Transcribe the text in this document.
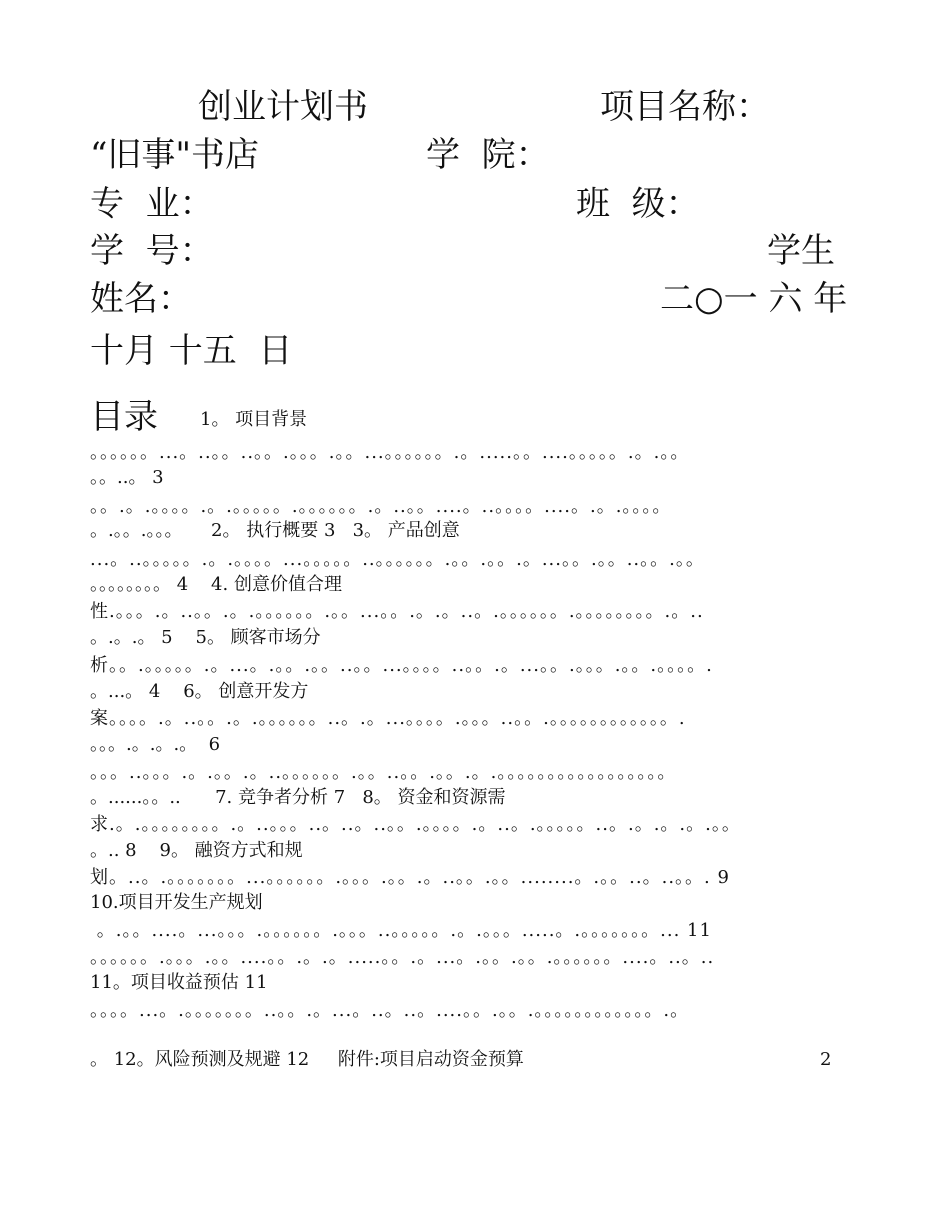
创业计划书	项目名称：
“旧事"书店	学  院：
专  业：	班  级：
学  号：	学生
姓名：	二○一 六 年
十月 十五  日
目录 1。 项目背景
。。。。。。...。..。。..。。.。。。.。。...。。。。。。.。.....。。....。。。。。.。.。。
。。..。 3
。。.。.。。。。.。.。。。。。.。。。。。。.。..。。....。..。。。。....。.。.。。。。
。.。。.。。。     2。 执行概要 3   3。 产品创意
...。..。。。。。.。.。。。。...。。。。。..。。。。。。.。。.。。.。...。。.。。..。。.。。
。。。。。。。。 4    4. 创意价值合理
性.。。。.。..。。.。.。。。。。。.。。...。。.。.。..。.。。。。。。.。。。。。。。。.。..
。.。.。 5    5。 顾客市场分
析。。.。。。。。.。...。.。。.。。..。。...。。。。..。。.。...。。.。。。.。。.。。。。.
。...。 4    6。 创意开发方
案。。。。.。..。。.。.。。。。。。..。.。...。。。。.。。。..。。.。。。。。。。。。。。。.
。。。.。.。.。  6
。。。..。。。.。.。。.。..。。。。。。.。。..。。.。。.。.。。。。。。。。。。。。。。。。。
。......。。..      7. 竞争者分析 7   8。 资金和资源需
求.。.。。。。。。。。.。..。。。..。..。..。。.。。。。.。..。.。。。。。..。.。.。.。.。。
。.. 8    9。 融资方式和规
划。..。.。。。。。。。...。。。。。。.。。。.。。.。..。。.。。........。.。。..。..。。. 9
10.项目开发生产规划
。.。。....。...。。。.。。。。。。.。。。..。。。。。.。.。。。.....。.。。。。。。。... 11
。。。。。。.。。。.。。....。。.。.。.....。。.。...。.。。.。。.。。。。。。....。..。..
11。项目收益预估 11
。。。。...。.。。。。。。。..。。.。...。..。..。....。。.。。.。。。。。。。。。。。。.。
。 12。风险预测及规避 12     附件:项目启动资金预算	2
